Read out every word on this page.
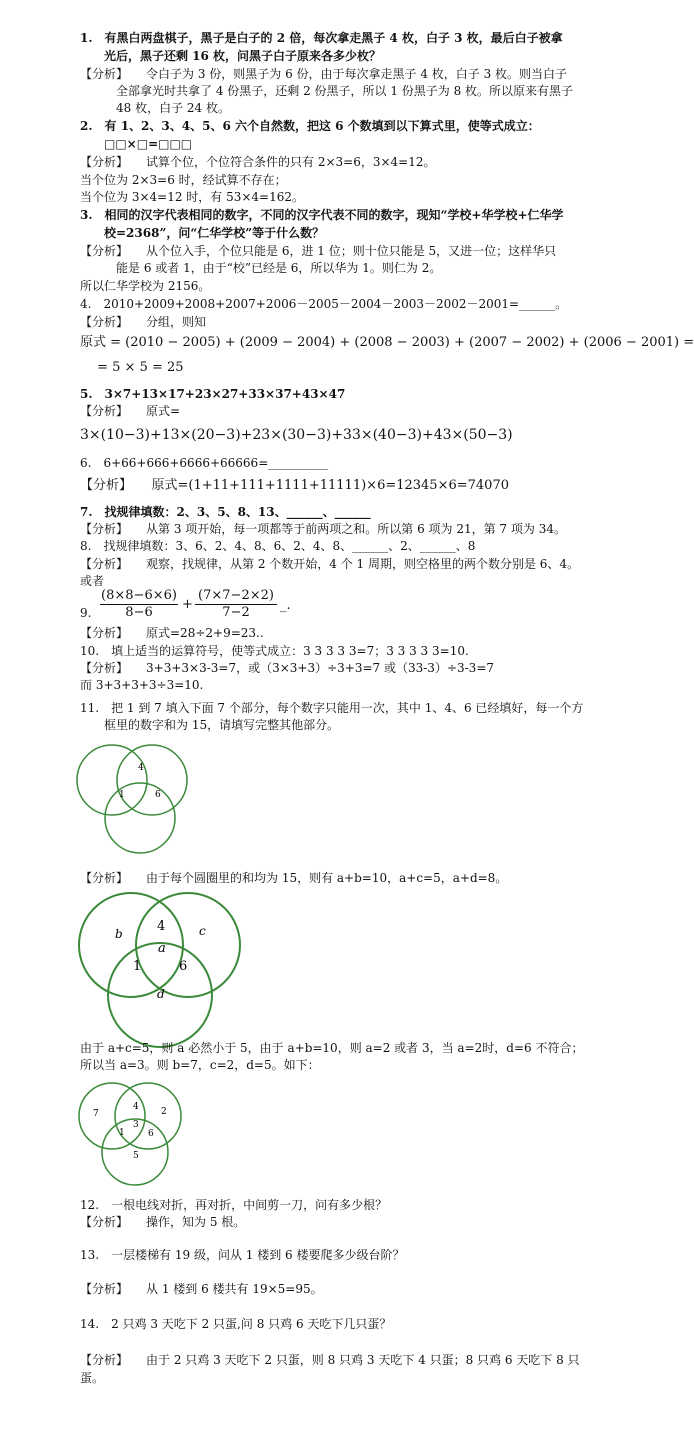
1.　有黑白两盘棋子，黑子是白子的 2 倍，每次拿走黑子 4 枚，白子 3 枚，最后白子被拿
　　光后，黑子还剩 16 枚，问黑子白子原来各多少枚？
【分析】　　令白子为 3 份，则黑子为 6 份，由于每次拿走黑子 4 枚，白子 3 枚。则当白子
　　　全部拿光时共拿了 4 份黑子，还剩 2 份黑子，所以 1 份黑子为 8 枚。所以原来有黑子
　　　48 枚，白子 24 枚。
2.　有 1、2、3、4、5、6 六个自然数，把这 6 个数填到以下算式里，使等式成立：
　　□□×□=□□□
【分析】　　试算个位，个位符合条件的只有 2×3=6，3×4=12。
当个位为 2×3=6 时，经试算不存在；
当个位为 3×4=12 时，有 53×4=162。
3.　相同的汉字代表相同的数字，不同的汉字代表不同的数字，现知“学校+华学校+仁华学
　　校=2368”，问“仁华学校”等于什么数？
【分析】　　从个位入手，个位只能是 6，进 1 位；则十位只能是 5，又进一位；这样华只
　　　能是 6 或者 1，由于“校”已经是 6，所以华为 1。则仁为 2。
所以仁华学校为 2156。
4.　2010+2009+2008+2007+2006－2005－2004－2003－2002－2001=______。
【分析】　　分组，则知
原式 = (2010 − 2005) + (2009 − 2004) + (2008 − 2003) + (2007 − 2002) + (2006 − 2001) =
　 = 5 × 5 = 25
5.　3×7+13×17+23×27+33×37+43×47
【分析】　　原式=
3×(10−3)+13×(20−3)+23×(30−3)+33×(40−3)+43×(50−3)
6.　6+66+666+6666+66666=__________
【分析】　　原式=(1+11+111+1111+11111)×6=12345×6=74070
7.　找规律填数：2、3、5、8、13、______、______
【分析】　　从第 3 项开始，每一项都等于前两项之和。所以第 6 项为 21，第 7 项为 34。
8.　找规律填数：3、6、2、4、8、6、2、4、8、______、2、______、8
【分析】　　观察，找规律，从第 2 个数开始，4 个 1 周期，则空格里的两个数分别是 6、4。
或者
9. $\frac{(8\times 8-6\times 6)}{8-6} + \frac{(7\times 7-2\times 2)}{7-2}$ _.
【分析】　　原式=28÷2+9=23..
10.　填上适当的运算符号，使等式成立：3 3 3 3 3=7；3 3 3 3 3=10.
【分析】　　3+3+3×3-3=7，或（3×3+3）÷3+3=7 或（33-3）÷3-3=7
而 3+3+3+3÷3=10.
11.　把 1 到 7 填入下面 7 个部分，每个数字只能用一次，其中 1、4、6 已经填好，每一个方
　　框里的数字和为 15，请填写完整其他部分。
4
1	6
【分析】　　由于每个圆圈里的和均为 15，则有 a+b=10，a+c=5，a+d=8。
b	c
4
a
1	6
d
由于 a+c=5，则 a 必然小于 5，由于 a+b=10，则 a=2 或者 3，当 a=2时，d=6 不符合；
所以当 a=3。则 b=7，c=2，d=5。如下：
7	2
4
3
1	6
5
12.　一根电线对折，再对折，中间剪一刀，问有多少根？
【分析】　　操作，知为 5 根。
13.　一层楼梯有 19 级，问从 1 楼到 6 楼要爬多少级台阶？
【分析】　　从 1 楼到 6 楼共有 19×5=95。
14.　2 只鸡 3 天吃下 2 只蛋,问 8 只鸡 6 天吃下几只蛋？
【分析】　　由于 2 只鸡 3 天吃下 2 只蛋，则 8 只鸡 3 天吃下 4 只蛋；8 只鸡 6 天吃下 8 只
蛋。
